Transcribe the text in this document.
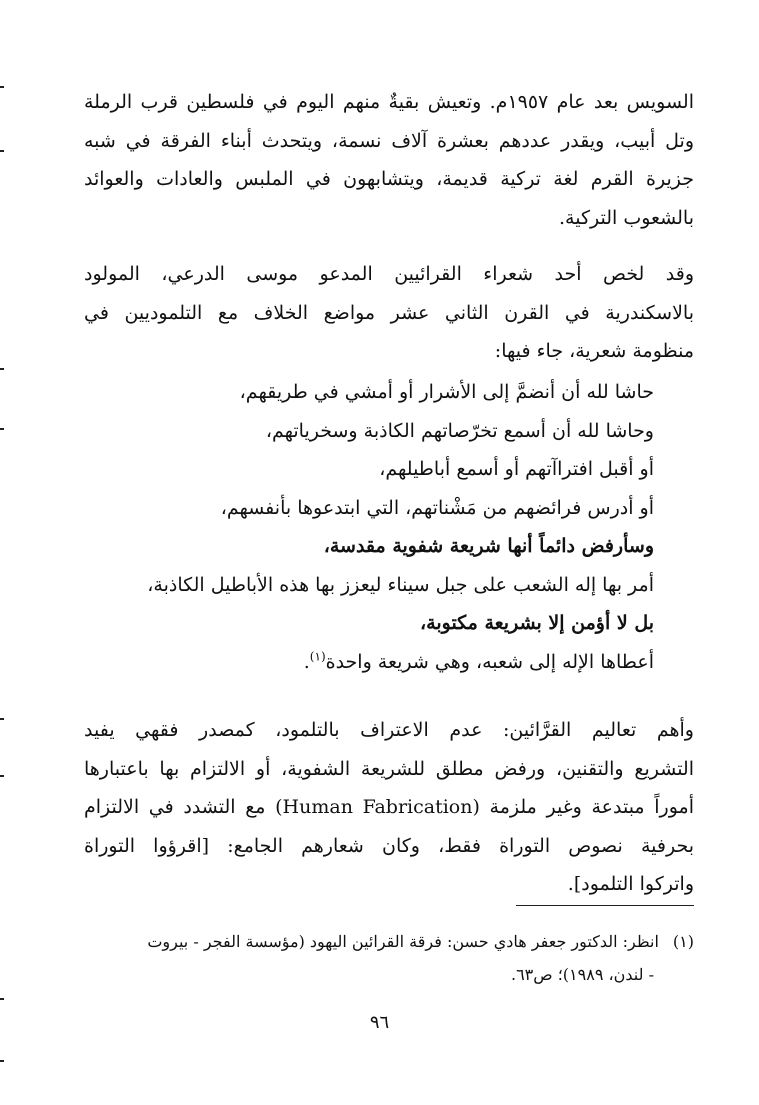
السويس بعد عام ١٩٥٧م. وتعيش بقيةٌ منهم اليوم في فلسطين قرب الرملة
وتل أبيب، ويقدر عددهم بعشرة آلاف نسمة، ويتحدث أبناء الفرقة في شبه
جزيرة القرم لغة تركية قديمة، ويتشابهون في الملبس والعادات والعوائد
بالشعوب التركية.
وقد لخص أحد شعراء القرائيين المدعو موسى الدرعي، المولود
بالاسكندرية في القرن الثاني عشر مواضع الخلاف مع التلموديين في
منظومة شعرية، جاء فيها:
حاشا لله أن أنضمَّ إلى الأشرار أو أمشي في طريقهم،
وحاشا لله أن أسمع تخرّصاتهم الكاذبة وسخرياتهم،
أو أقبل افتراآتهم أو أسمع أباطيلهم،
أو أدرس فرائضهم من مَشْناتهم، التي ابتدعوها بأنفسهم،
وسأرفض دائماً أنها شريعة شفوية مقدسة،
أمر بها إله الشعب على جبل سيناء ليعزز بها هذه الأباطيل الكاذبة،
بل لا أؤمن إلا بشريعة مكتوبة،
أعطاها الإله إلى شعبه، وهي شريعة واحدة$^{(١)}$.
وأهم تعاليم القرَّائين: عدم الاعتراف بالتلمود، كمصدر فقهي يفيد
التشريع والتقنين، ورفض مطلق للشريعة الشفوية، أو الالتزام بها باعتبارها
أموراً مبتدعة وغير ملزمة (Human Fabrication) مع التشدد في الالتزام
بحرفية نصوص التوراة فقط، وكان شعارهم الجامع: [اقرؤوا التوراة
واتركوا التلمود].
(١)انظر: الدكتور جعفر هادي حسن: فرقة القرائين اليهود (مؤسسة الفجر - بيروت
- لندن، ١٩٨٩)؛ ص٦٣.
٩٦
